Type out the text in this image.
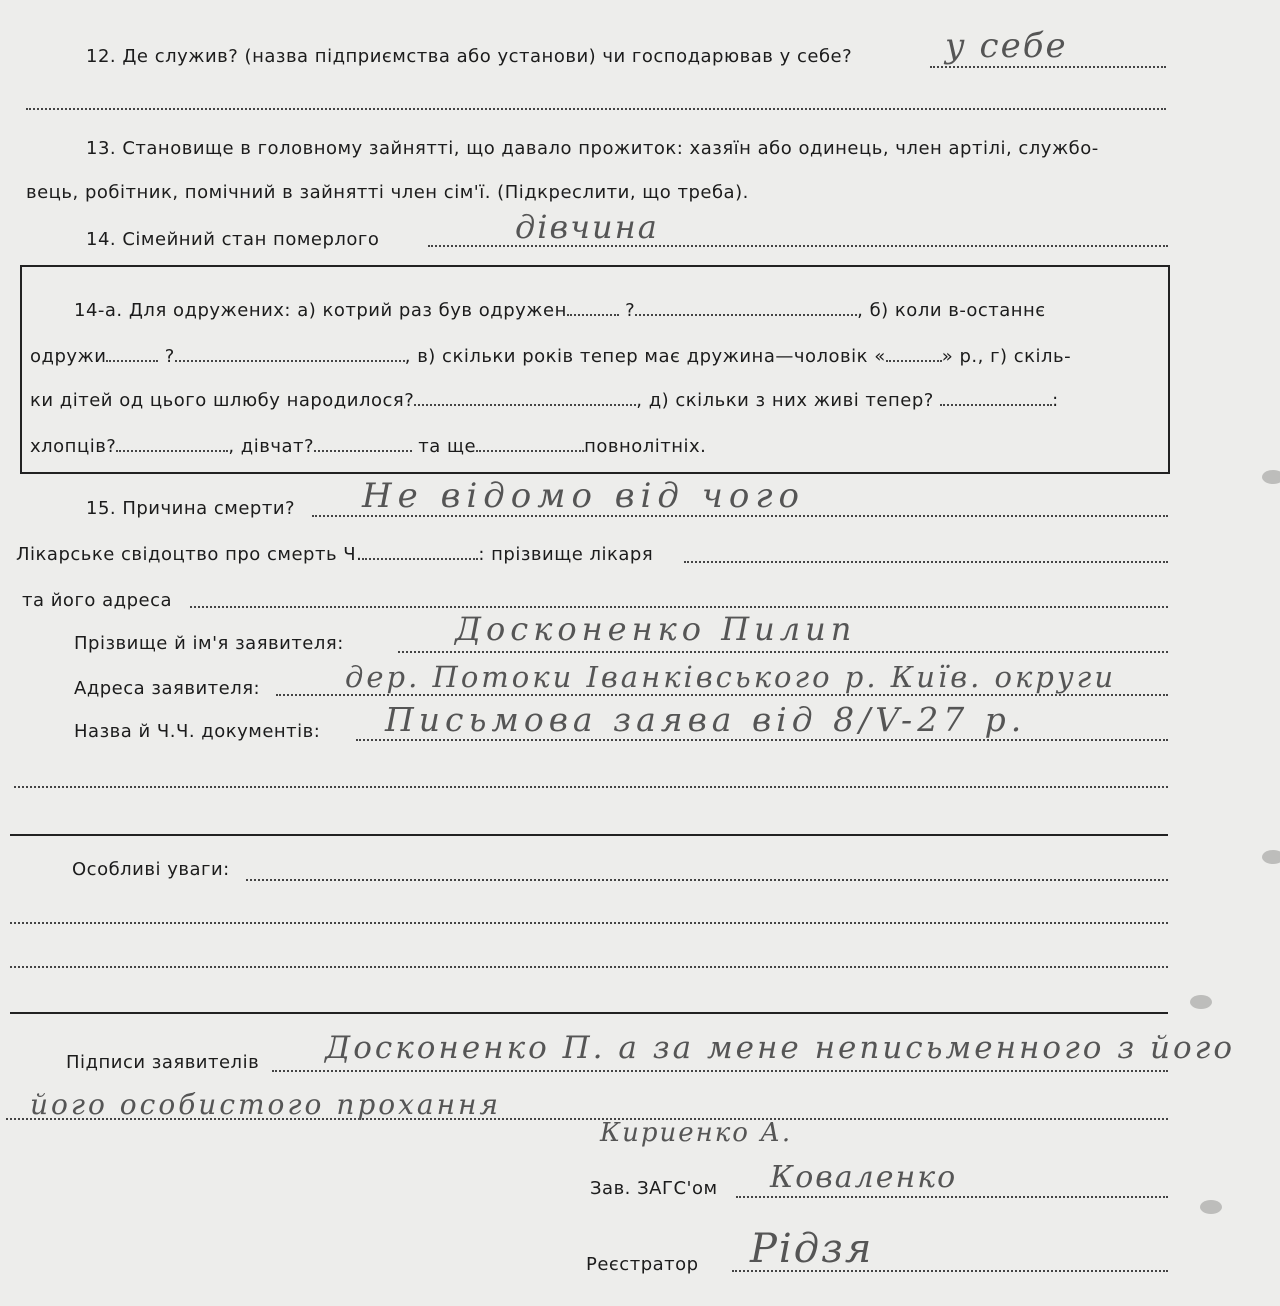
12. Де служив? (назва підприємства або установи) чи господарював у себе?	у себе
13. Становище в головному зайнятті, що давало прожиток: хазяїн або одинець, член артілі, службо-
вець, робітник, помічний в зайнятті член сім'ї. (Підкреслити, що треба).
14. Сімейний стан померлого	дівчина
14-а. Для одружених: а) котрий раз був одружен	?	, б) коли в-останнє
одружи	?	, в) скільки років тепер має дружина—чоловік «	» р., г) скіль-
ки дітей од цього шлюбу народилося?	, д) скільки з них живі тепер?	:
хлопців?	, дівчат?	та ще	повнолітніх.
15. Причина смерти? Не відомо від чого
Лікарське свідоцтво про смерть Ч.	: прізвище лікаря
та його адреса
Прізвище й ім'я заявителя:	Досконенко Пилип
Адреса заявителя:	дер. Потоки Іванківського р. Київ. округи
Назва й Ч.Ч. документів: Письмова заява від 8/V-27 р.
Особливі уваги:
Підписи заявителів Досконенко П. а за мене неписьменного з його
його особистого прохання
Кириенко А.
Зав. ЗАГС'ом Коваленко
Реєстратор Рідзя
